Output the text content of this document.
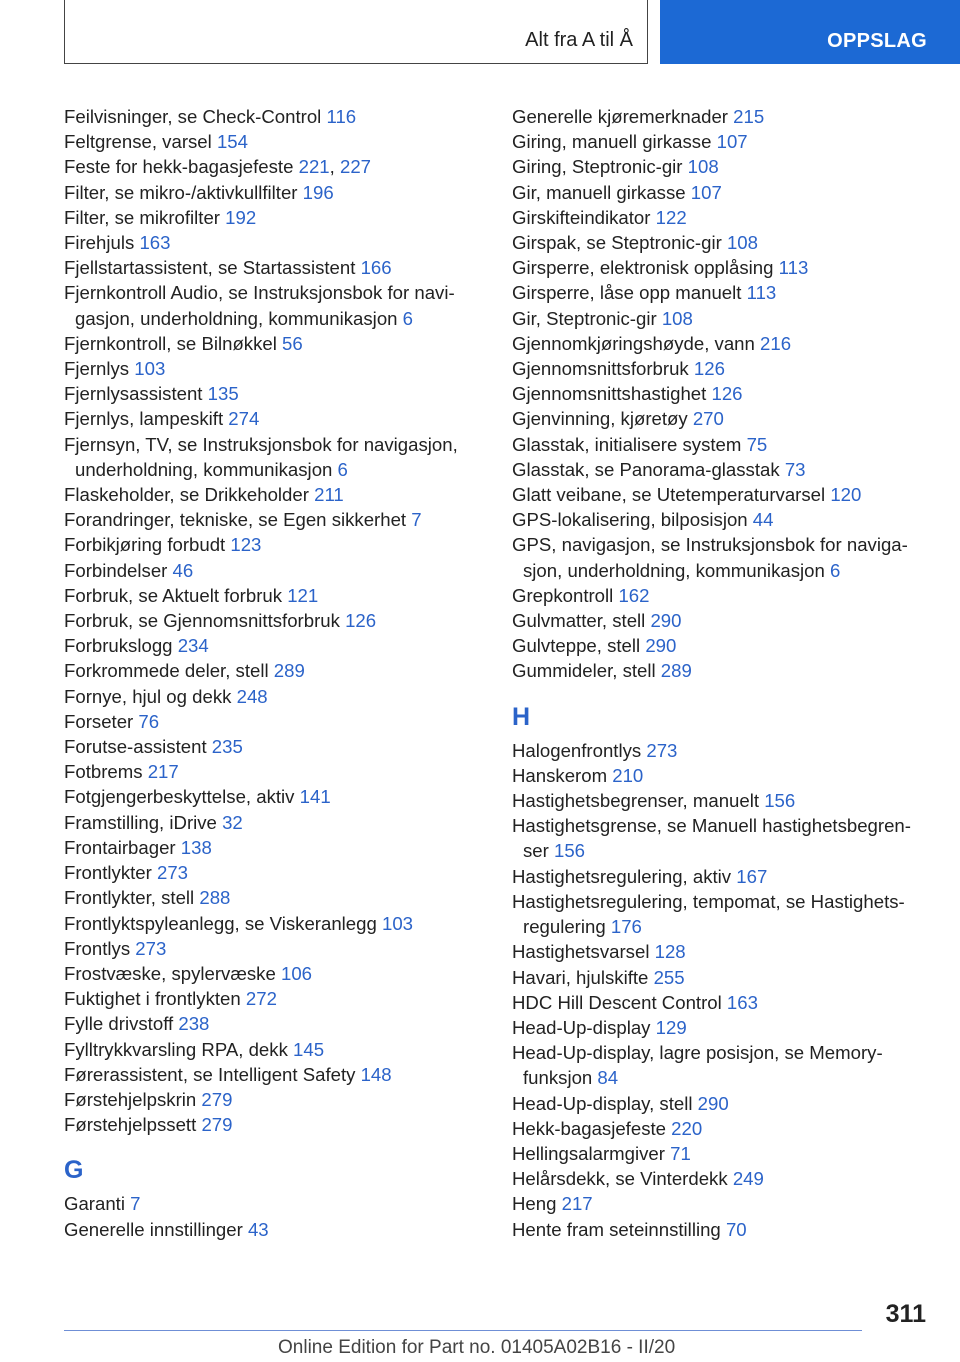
Alt fra A til Å	OPPSLAG
Feilvisninger, se Check-Control 116
Feltgrense, varsel 154
Feste for hekk-bagasjefeste 221, 227
Filter, se mikro-/aktivkullfilter 196
Filter, se mikrofilter 192
Firehjuls 163
Fjellstartassistent, se Startassistent 166
Fjernkontroll Audio, se Instruksjonsbok for navi-
gasjon, underholdning, kommunikasjon 6
Fjernkontroll, se Bilnøkkel 56
Fjernlys 103
Fjernlysassistent 135
Fjernlys, lampeskift 274
Fjernsyn, TV, se Instruksjonsbok for navigasjon,
underholdning, kommunikasjon 6
Flaskeholder, se Drikkeholder 211
Forandringer, tekniske, se Egen sikkerhet 7
Forbikjøring forbudt 123
Forbindelser 46
Forbruk, se Aktuelt forbruk 121
Forbruk, se Gjennomsnittsforbruk 126
Forbrukslogg 234
Forkrommede deler, stell 289
Fornye, hjul og dekk 248
Forseter 76
Forutse-assistent 235
Fotbrems 217
Fotgjengerbeskyttelse, aktiv 141
Framstilling, iDrive 32
Frontairbager 138
Frontlykter 273
Frontlykter, stell 288
Frontlyktspyleanlegg, se Viskeranlegg 103
Frontlys 273
Frostvæske, spylervæske 106
Fuktighet i frontlykten 272
Fylle drivstoff 238
Fylltrykkvarsling RPA, dekk 145
Førerassistent, se Intelligent Safety 148
Førstehjelpskrin 279
Førstehjelpssett 279
G
Garanti 7
Generelle innstillinger 43
Generelle kjøremerknader 215
Giring, manuell girkasse 107
Giring, Steptronic-gir 108
Gir, manuell girkasse 107
Girskifteindikator 122
Girspak, se Steptronic-gir 108
Girsperre, elektronisk opplåsing 113
Girsperre, låse opp manuelt 113
Gir, Steptronic-gir 108
Gjennomkjøringshøyde, vann 216
Gjennomsnittsforbruk 126
Gjennomsnittshastighet 126
Gjenvinning, kjøretøy 270
Glasstak, initialisere system 75
Glasstak, se Panorama-glasstak 73
Glatt veibane, se Utetemperaturvarsel 120
GPS-lokalisering, bilposisjon 44
GPS, navigasjon, se Instruksjonsbok for naviga-
sjon, underholdning, kommunikasjon 6
Grepkontroll 162
Gulvmatter, stell 290
Gulvteppe, stell 290
Gummideler, stell 289
H
Halogenfrontlys 273
Hanskerom 210
Hastighetsbegrenser, manuelt 156
Hastighetsgrense, se Manuell hastighetsbegren-
ser 156
Hastighetsregulering, aktiv 167
Hastighetsregulering, tempomat, se Hastighets-
regulering 176
Hastighetsvarsel 128
Havari, hjulskifte 255
HDC Hill Descent Control 163
Head-Up-display 129
Head-Up-display, lagre posisjon, se Memory-
funksjon 84
Head-Up-display, stell 290
Hekk-bagasjefeste 220
Hellingsalarmgiver 71
Helårsdekk, se Vinterdekk 249
Heng 217
Hente fram seteinnstilling 70
311
Online Edition for Part no. 01405A02B16 - II/20
